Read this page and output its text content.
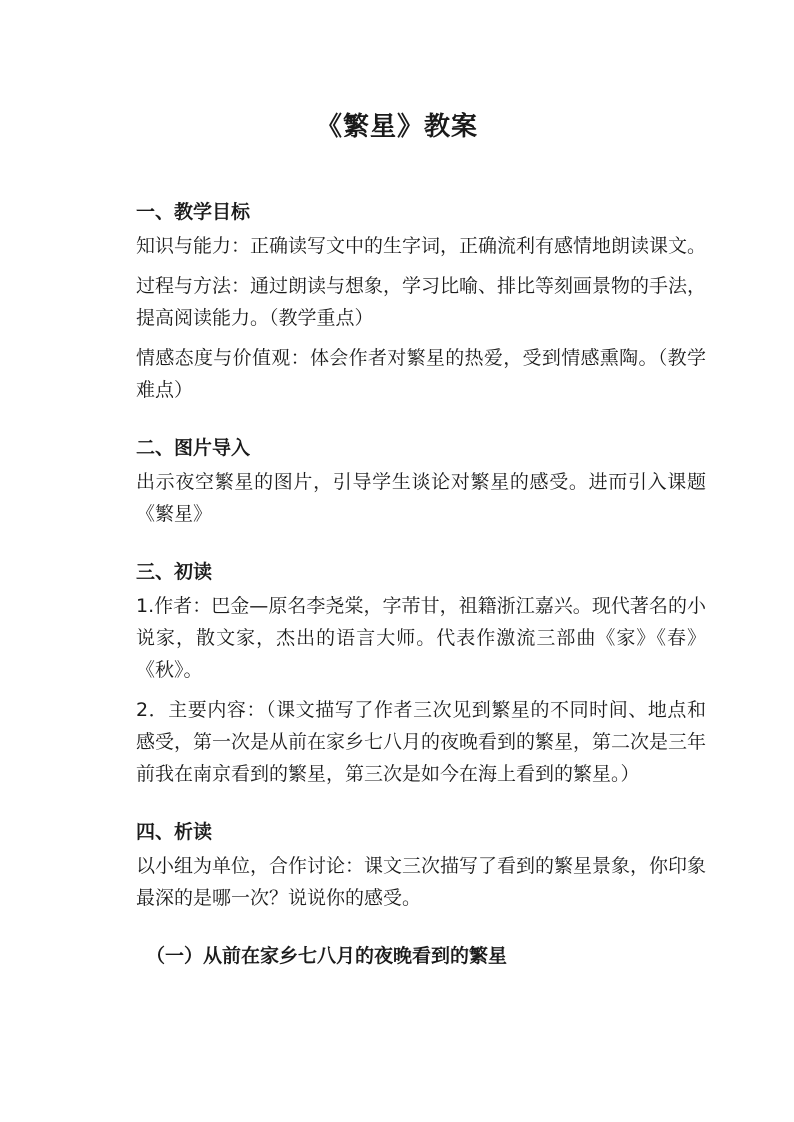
《繁星》教案
一、教学目标

知识与能力：正确读写文中的生字词，正确流利有感情地朗读课文。

过程与方法：通过朗读与想象，学习比喻、排比等刻画景物的手法，提高阅读能力。（教学重点）

情感态度与价值观：体会作者对繁星的热爱，受到情感熏陶。（教学难点）

二、图片导入

出示夜空繁星的图片，引导学生谈论对繁星的感受。进而引入课题《繁星》

三、初读

1.作者：巴金—原名李尧棠，字芾甘，祖籍浙江嘉兴。现代著名的小说家，散文家，杰出的语言大师。代表作激流三部曲《家》《春》《秋》。

2．主要内容：（课文描写了作者三次见到繁星的不同时间、地点和感受，第一次是从前在家乡七八月的夜晚看到的繁星，第二次是三年前我在南京看到的繁星，第三次是如今在海上看到的繁星。）

四、析读

以小组为单位，合作讨论：课文三次描写了看到的繁星景象，你印象最深的是哪一次？说说你的感受。

（一）从前在家乡七八月的夜晚看到的繁星
